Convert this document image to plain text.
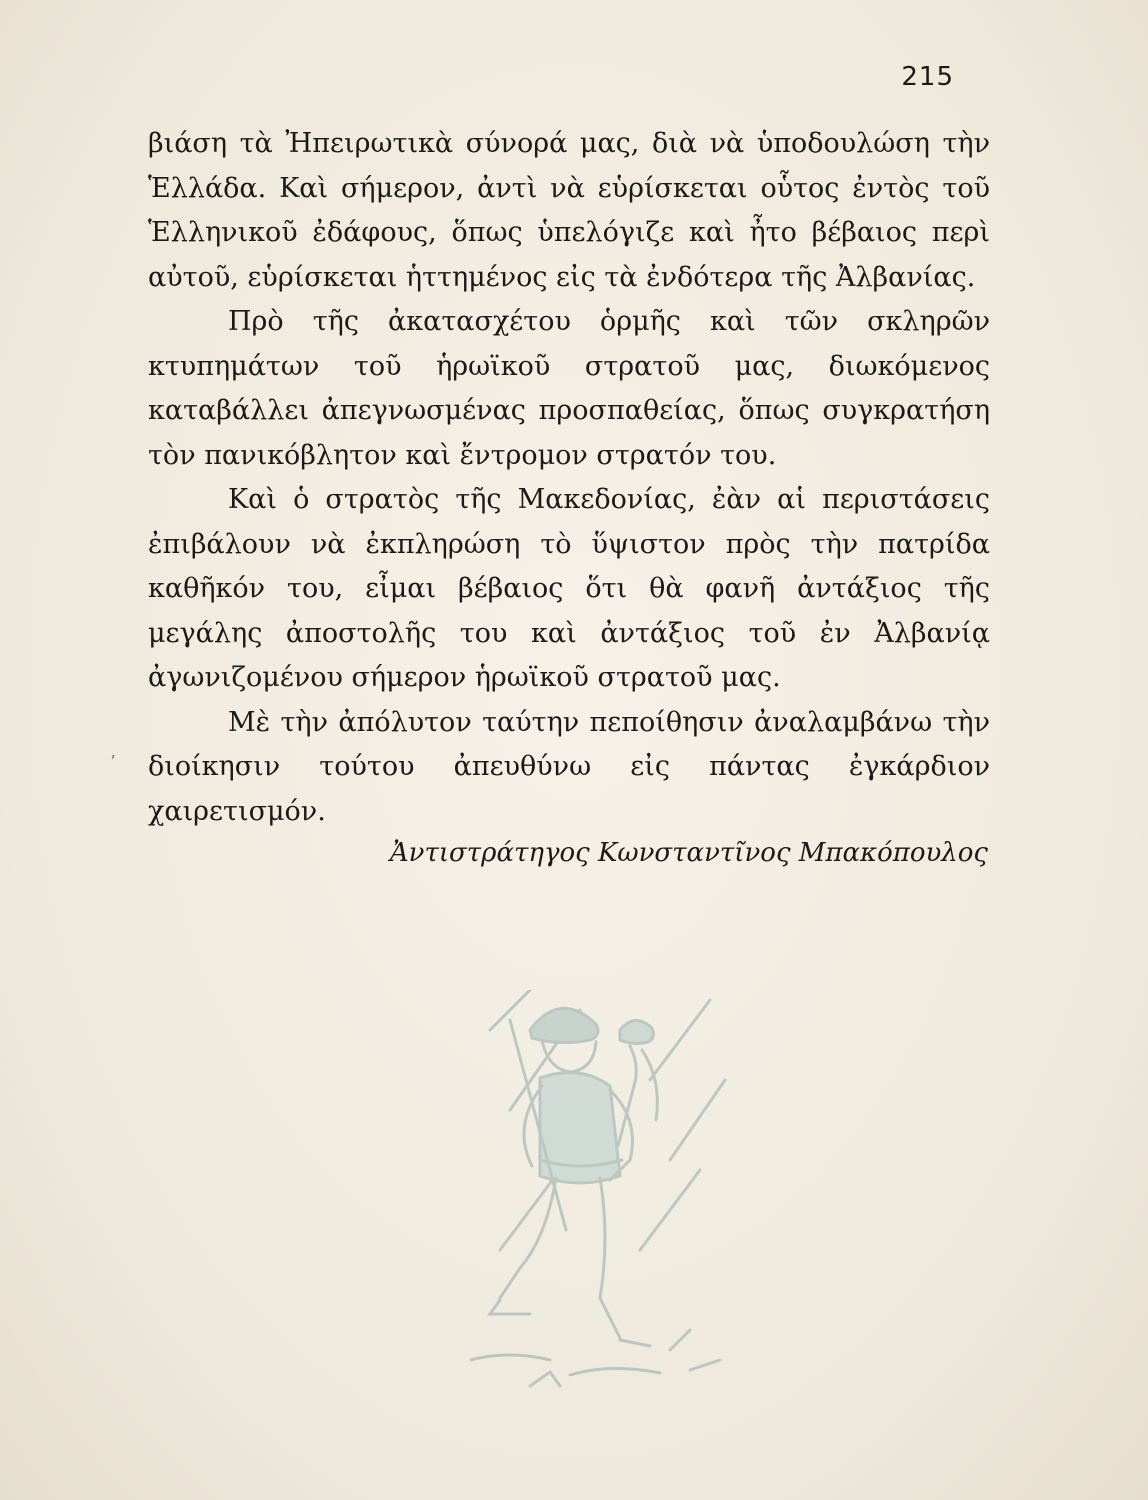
215

βιάση τὰ Ἠπειρωτικὰ σύνορά μας, διὰ νὰ ὑποδουλώση τὴν Ἑλλάδα. Καὶ σήμερον, ἀντὶ νὰ εὑρίσκεται οὗτος ἐντὸς τοῦ Ἑλληνικοῦ ἐδάφους, ὅπως ὑπελόγιζε καὶ ἦτο βέβαιος περὶ αὐτοῦ, εὑρίσκεται ἡττημένος εἰς τὰ ἐνδότερα τῆς Ἀλβανίας.

Πρὸ τῆς ἀκατασχέτου ὁρμῆς καὶ τῶν σκληρῶν κτυπημάτων τοῦ ἡρωϊκοῦ στρατοῦ μας, διωκόμενος καταβάλλει ἀπεγνωσμένας προσπαθείας, ὅπως συγκρατήση τὸν πανικόβλητον καὶ ἔντρομον στρατόν του.

Καὶ ὁ στρατὸς τῆς Μακεδονίας, ἐὰν αἱ περιστάσεις ἐπιβάλουν νὰ ἐκπληρώση τὸ ὕψιστον πρὸς τὴν πατρίδα καθῆκόν του, εἶμαι βέβαιος ὅτι θὰ φανῆ ἀντάξιος τῆς μεγάλης ἀποστολῆς του καὶ ἀντάξιος τοῦ ἐν Ἀλβανίᾳ ἀγωνιζομένου σήμερον ἡρωϊκοῦ στρατοῦ μας.

Μὲ τὴν ἀπόλυτον ταύτην πεποίθησιν ἀναλαμβάνω τὴν διοίκησιν τούτου ἀπευθύνω εἰς πάντας ἐγκάρδιον χαιρετισμόν.

ʼ
Ἀντιστράτηγος Κωνσταντῖνος Μπακόπουλος
